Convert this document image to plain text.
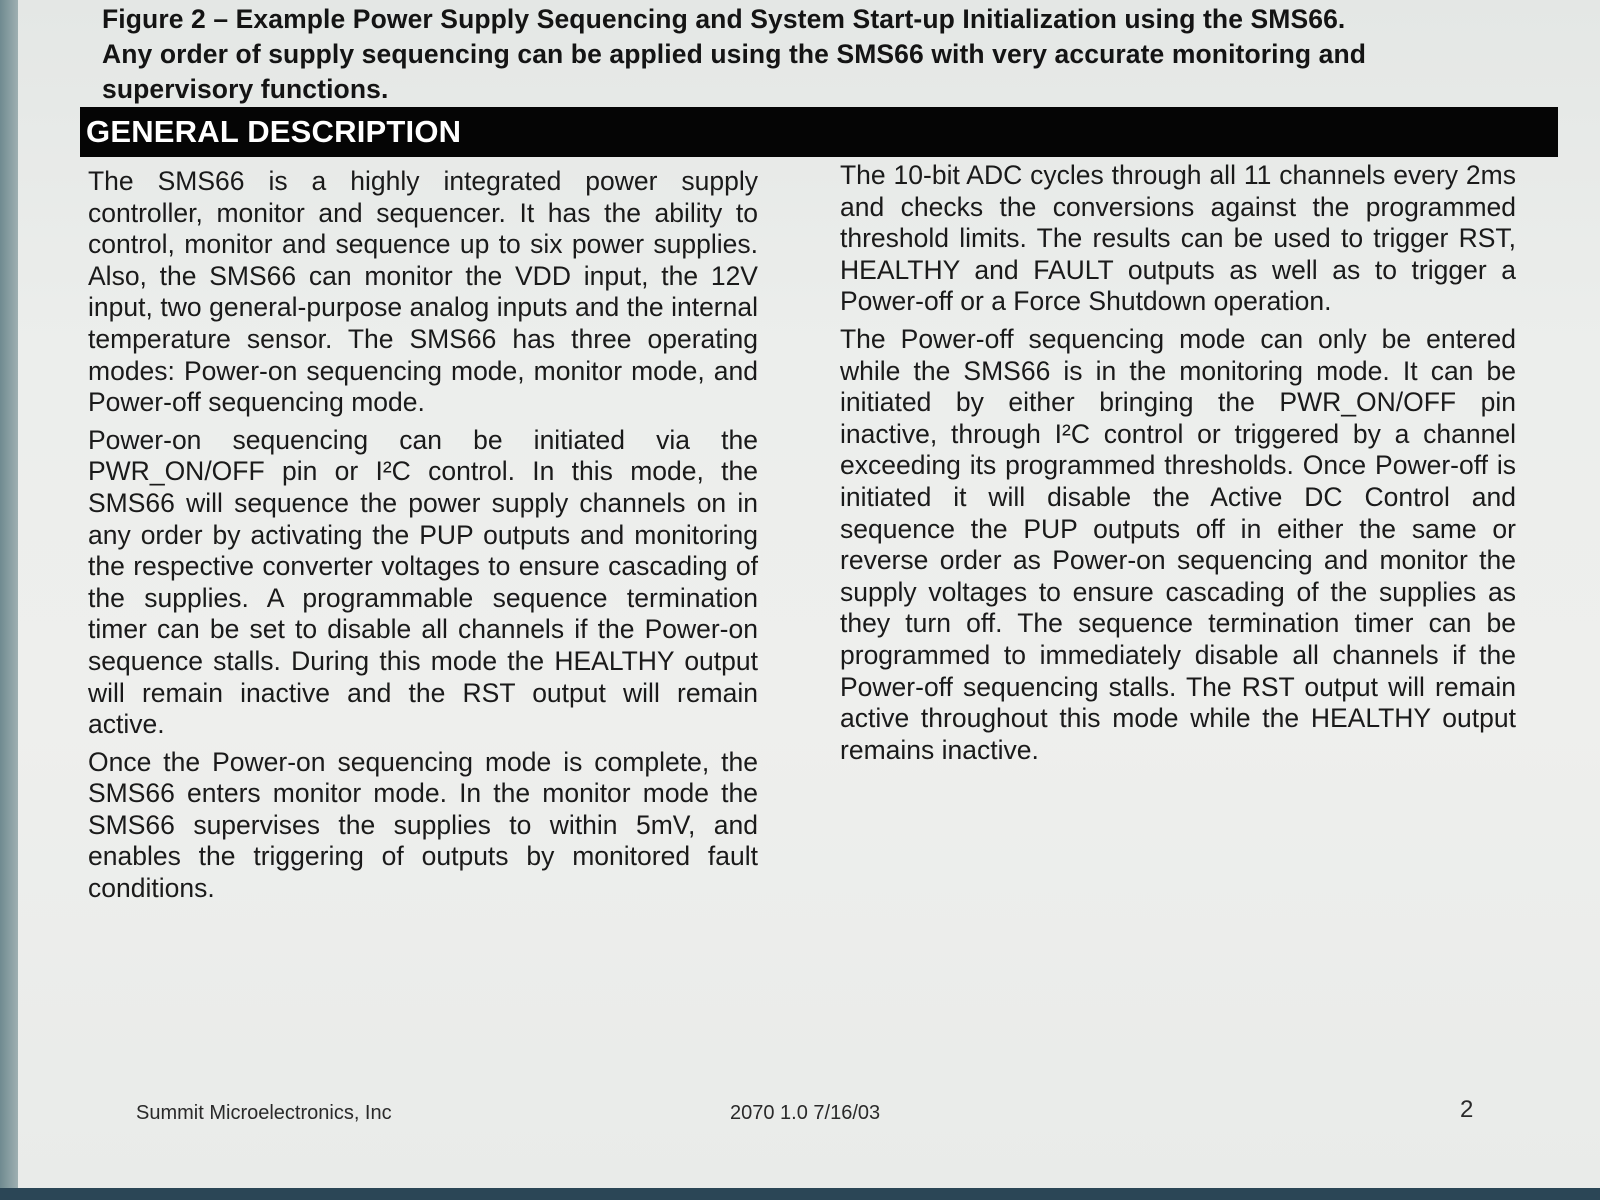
Figure 2 – Example Power Supply Sequencing and System Start-up Initialization using the SMS66.
Any order of supply sequencing can be applied using the SMS66 with very accurate monitoring and
supervisory functions.
GENERAL DESCRIPTION

The SMS66 is a highly integrated power supply controller, monitor and sequencer. It has the ability to control, monitor and sequence up to six power supplies. Also, the SMS66 can monitor the VDD input, the 12V input, two general-purpose analog inputs and the internal temperature sensor. The SMS66 has three operating modes: Power-on sequencing mode, monitor mode, and Power-off sequencing mode.

Power-on sequencing can be initiated via the PWR_ON/OFF pin or I²C control. In this mode, the SMS66 will sequence the power supply channels on in any order by activating the PUP outputs and monitoring the respective converter voltages to ensure cascading of the supplies. A programmable sequence termination timer can be set to disable all channels if the Power-on sequence stalls. During this mode the HEALTHY output will remain inactive and the RST output will remain active.

Once the Power-on sequencing mode is complete, the SMS66 enters monitor mode. In the monitor mode the SMS66 supervises the supplies to within 5mV, and enables the triggering of outputs by monitored fault conditions.

The 10-bit ADC cycles through all 11 channels every 2ms and checks the conversions against the programmed threshold limits. The results can be used to trigger RST, HEALTHY and FAULT outputs as well as to trigger a Power-off or a Force Shutdown operation.

The Power-off sequencing mode can only be entered while the SMS66 is in the monitoring mode. It can be initiated by either bringing the PWR_ON/OFF pin inactive, through I²C control or triggered by a channel exceeding its programmed thresholds. Once Power-off is initiated it will disable the Active DC Control and sequence the PUP outputs off in either the same or reverse order as Power-on sequencing and monitor the supply voltages to ensure cascading of the supplies as they turn off. The sequence termination timer can be programmed to immediately disable all channels if the Power-off sequencing stalls. The RST output will remain active throughout this mode while the HEALTHY output remains inactive.

Summit Microelectronics, Inc	2070 1.0 7/16/03	2
